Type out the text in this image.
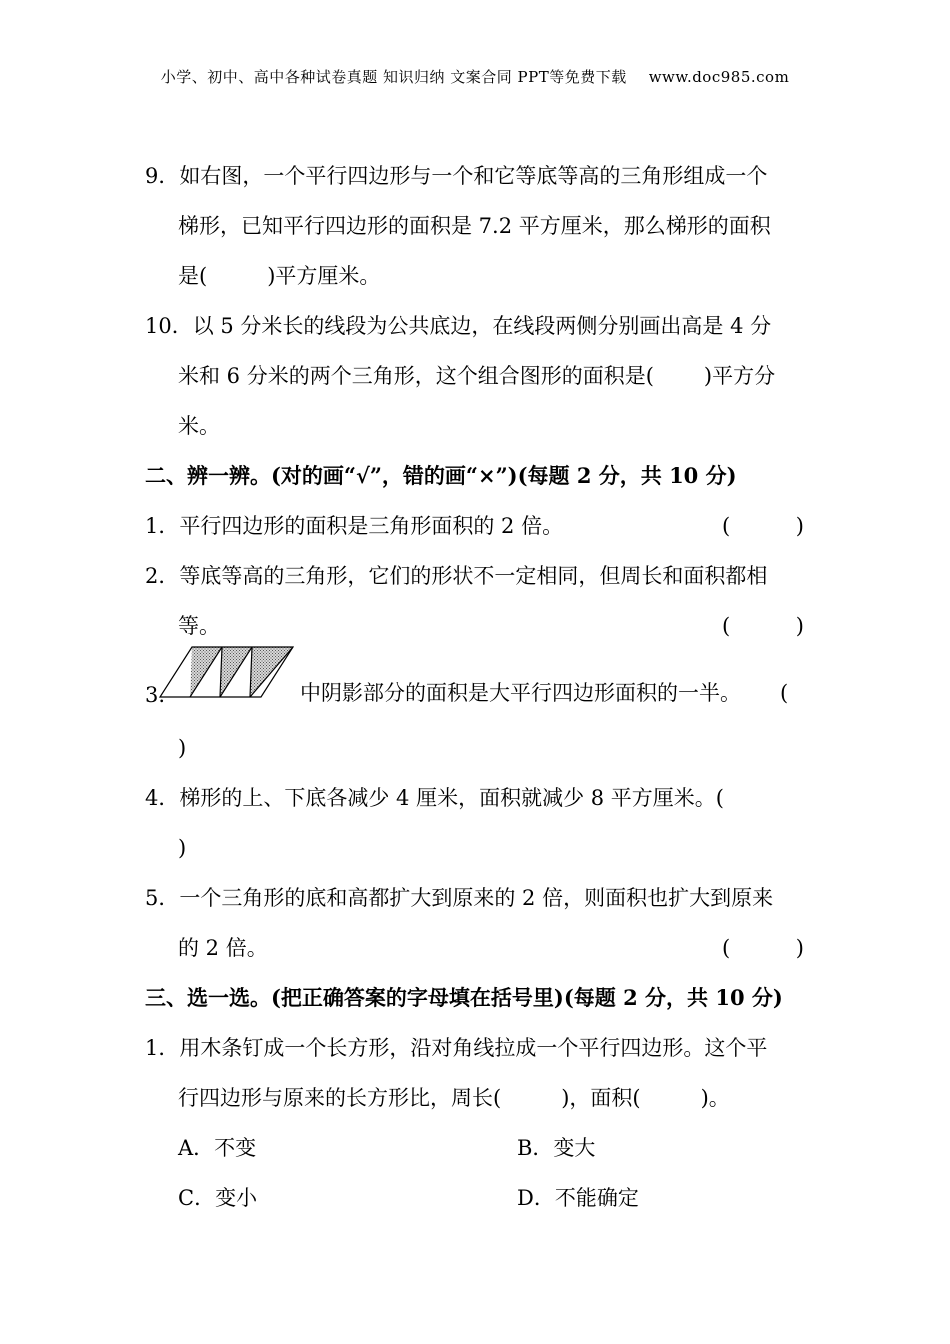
小学、初中、高中各种试卷真题 知识归纳 文案合同 PPT等免费下载 www.doc985.com
9．如右图，一个平行四边形与一个和它等底等高的三角形组成一个
梯形，已知平行四边形的面积是 7.2 平方厘米，那么梯形的面积
是(	)平方厘米。
10．以 5 分米长的线段为公共底边，在线段两侧分别画出高是 4 分
米和 6 分米的两个三角形，这个组合图形的面积是( )平方分
米。
二、辨一辨。(对的画“√”，错的画“×”)(每题 2 分，共 10 分)
1．平行四边形的面积是三角形面积的 2 倍。	(	)
2．等底等高的三角形，它们的形状不一定相同，但周长和面积都相
等。	(	)
3.	中阴影部分的面积是大平行四边形面积的一半。	(
)
4．梯形的上、下底各减少 4 厘米，面积就减少 8 平方厘米。(
)
5．一个三角形的底和高都扩大到原来的 2 倍，则面积也扩大到原来
的 2 倍。	(	)
三、选一选。(把正确答案的字母填在括号里)(每题 2 分，共 10 分)
1．用木条钉成一个长方形，沿对角线拉成一个平行四边形。这个平
行四边形与原来的长方形比，周长(	)，面积(	)。
A．不变	B．变大
C．变小	D．不能确定
